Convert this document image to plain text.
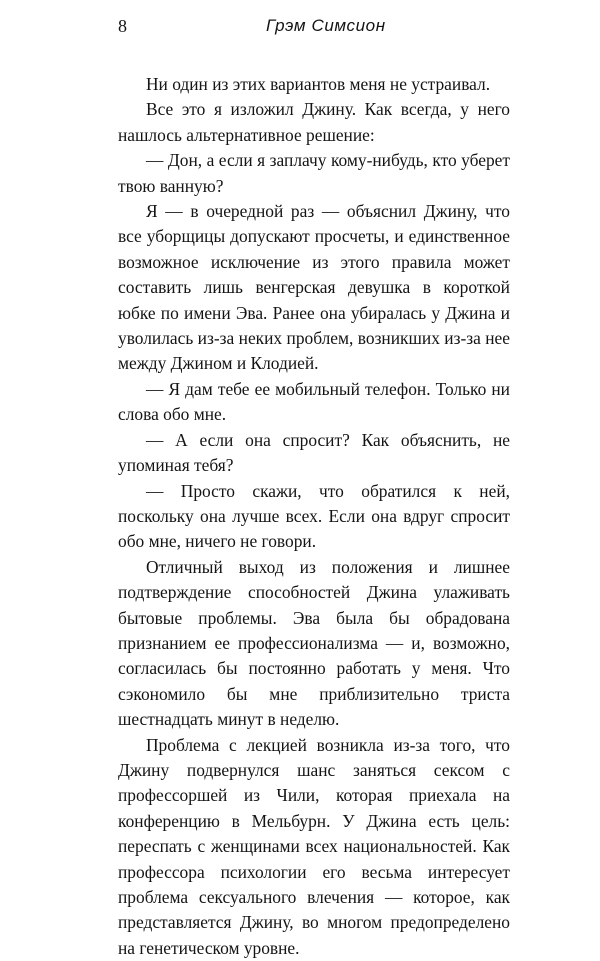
8	Грэм Симсион

Ни один из этих вариантов меня не устраивал.

Все это я изложил Джину. Как всегда, у него нашлось альтернативное решение:

— Дон, а если я заплачу кому-нибудь, кто уберет твою ванную?

Я — в очередной раз — объяснил Джину, что все уборщицы допускают просчеты, и единственное возможное исключение из этого правила может составить лишь венгерская девушка в короткой юбке по имени Эва. Ранее она убиралась у Джина и уволилась из-за неких проблем, возникших из-за нее между Джином и Клодией.

— Я дам тебе ее мобильный телефон. Только ни слова обо мне.

— А если она спросит? Как объяснить, не упоминая тебя?

— Просто скажи, что обратился к ней, поскольку она лучше всех. Если она вдруг спросит обо мне, ничего не говори.

Отличный выход из положения и лишнее подтверждение способностей Джина улаживать бытовые проблемы. Эва была бы обрадована признанием ее профессионализма — и, возможно, согласилась бы постоянно работать у меня. Что сэкономило бы мне приблизительно триста шестнадцать минут в неделю.

Проблема с лекцией возникла из-за того, что Джину подвернулся шанс заняться сексом с профессоршей из Чили, которая приехала на конференцию в Мельбурн. У Джина есть цель: переспать с женщинами всех национальностей. Как профессора психологии его весьма интересует проблема сексуального влечения — которое, как представляется Джину, во многом предопределено на генетическом уровне.
